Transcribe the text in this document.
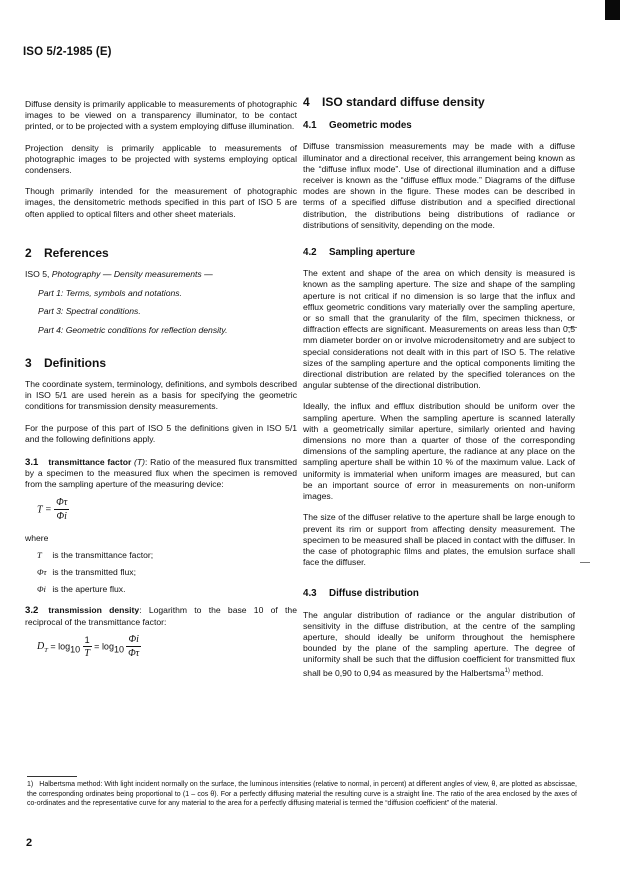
ISO 5/2-1985 (E)

Diffuse density is primarily applicable to measurements of photographic images to be viewed on a transparency illuminator, to be contact printed, or to be projected with a system employing diffuse illumination.

Projection density is primarily applicable to measurements of photographic images to be projected with systems employing optical condensers.

Though primarily intended for the measurement of photographic images, the densitometric methods specified in this part of ISO 5 are often applied to optical filters and other sheet materials.

2 References
ISO 5, Photography — Density measurements —
Part 1: Terms, symbols and notations.
Part 3: Spectral conditions.
Part 4: Geometric conditions for reflection density.
3 Definitions

The coordinate system, terminology, definitions, and symbols described in ISO 5/1 are used herein as a basis for specifying the geometric conditions for transmission density measurements.

For the purpose of this part of ISO 5 the definitions given in ISO 5/1 and the following definitions apply.

3.1 transmittance factor (T): Ratio of the measured flux transmitted by a specimen to the measured flux when the specimen is removed from the sampling aperture of the measuring device:

$T = \frac{\Phi\tau}{\Phi i}$
where
T is the transmittance factor;
Φτ is the transmitted flux;
Φi is the aperture flux.

3.2 transmission density: Logarithm to the base 10 of the reciprocal of the transmittance factor:

$D_T = \log_{10} \frac{1}{T} = \log_{10} \frac{\Phi i}{\Phi\tau}$
4 ISO standard diffuse density
4.1 Geometric modes

Diffuse transmission measurements may be made with a diffuse illuminator and a directional receiver, this arrangement being known as the “diffuse influx mode”. Use of directional illumination and a diffuse receiver is known as the “diffuse efflux mode.” Diagrams of the diffuse modes are shown in the figure. These modes can be described in terms of a specified diffuse distribution and a specified directional distribution, the distributions being distributions of radiance or distributions of sensitivity, depending on the mode.

4.2 Sampling aperture

The extent and shape of the area on which density is measured is known as the sampling aperture. The size and shape of the sampling aperture is not critical if no dimension is so large that the influx and efflux geometric conditions vary materially over the sampling aperture, or so small that the granularity of the film, specimen thickness, or diffraction effects are significant. Measurements on areas less than 0,5 mm diameter border on or involve microdensitometry and are subject to special considerations not dealt with in this part of ISO 5. The relative sizes of the sampling aperture and the optical components limiting the directional distribution are related by the specified tolerances on the angular subtense of the directional distribution.

Ideally, the influx and efflux distribution should be uniform over the sampling aperture. When the sampling aperture is scanned laterally with a geometrically similar aperture, similarly oriented and having dimensions no more than a quarter of those of the corresponding dimensions of the sampling aperture, the radiance at any place on the sampling aperture shall be within 10 % of the maximum value. Lack of uniformity is immaterial when uniform images are measured, but can be an important source of error in measurements on non-uniform images.

The size of the diffuser relative to the aperture shall be large enough to prevent its rim or support from affecting density measurement. The specimen to be measured shall be placed in contact with the diffuser. In the case of photographic films and plates, the emulsion surface shall face the diffuser.

4.3 Diffuse distribution

The angular distribution of radiance or the angular distribution of sensitivity in the diffuse distribution, at the centre of the sampling aperture, should ideally be uniform throughout the hemisphere bounded by the plane of the sampling aperture. The degree of uniformity shall be such that the diffusion coefficient for transmitted flux shall be 0,90 to 0,94 as measured by the Halbertsma$^{1)}$ method.

1) Halbertsma method: With light incident normally on the surface, the luminous intensities (relative to normal, in percent) at different angles of view, θ, are plotted as abscissae, the corresponding ordinates being proportional to (1 – cos θ). For a perfectly diffusing material the resulting curve is a straight line. The ratio of the area enclosed by the axes of co-ordinates and the representative curve for any material to the area for a perfectly diffusing material is termed the “diffusion coefficient” of the material.
2
